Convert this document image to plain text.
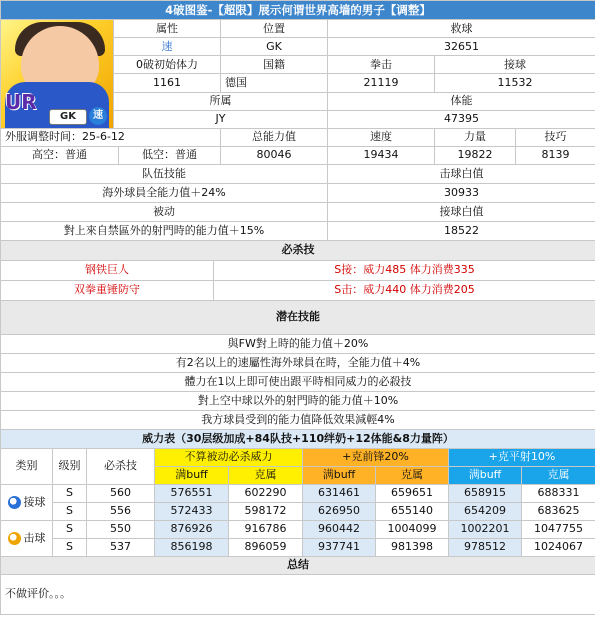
4破图鉴-【超限】展示何谓世界高墙的男子【调整】				

UR
GK 速	属性	位置	救球	
	速	GK	32651	
	0破初始体力	国籍	拳击	接球
	1161	德国	21119	11532
	所属		体能	
	JY		47395	
外服调整时间：25-6-12		总能力值	速度	力量	技巧
高空：普通	低空：普通	80046	19434	19822	8139
队伍技能	击球白值
海外球員全能力值＋24%	30933
被动	接球白值
對上來自禁區外的射門時的能力值＋15%	18522
必杀技	
钢铁巨人	S接：威力485 体力消费335
双拳重锤防守	S击：威力440 体力消费205
潜在技能
與FW對上時的能力值＋20%
有2名以上的速屬性海外球員在時，全能力值＋4%
體力在1以上即可使出跟平時相同威力的必殺技
對上空中球以外的射門時的能力值＋10%
我方球員受到的能力值降低效果減輕4%
威力表（30层级加成+84队技+110绊奶+12体能&8力量阵）								
类别	级别	必杀技	不算被动必杀威力		+克前锋20%		+克平射10%	
			满buff	克属	满buff	克属	满buff	克属
接球	S	560	576551	602290	631461	659651	658915	688331
	S	556	572433	598172	626950	655140	654209	683625
击球	S	550	876926	916786	960442	1004099	1002201	1047755
	S	537	856198	896059	937741	981398	978512	1024067
总结
不做评价。。。
